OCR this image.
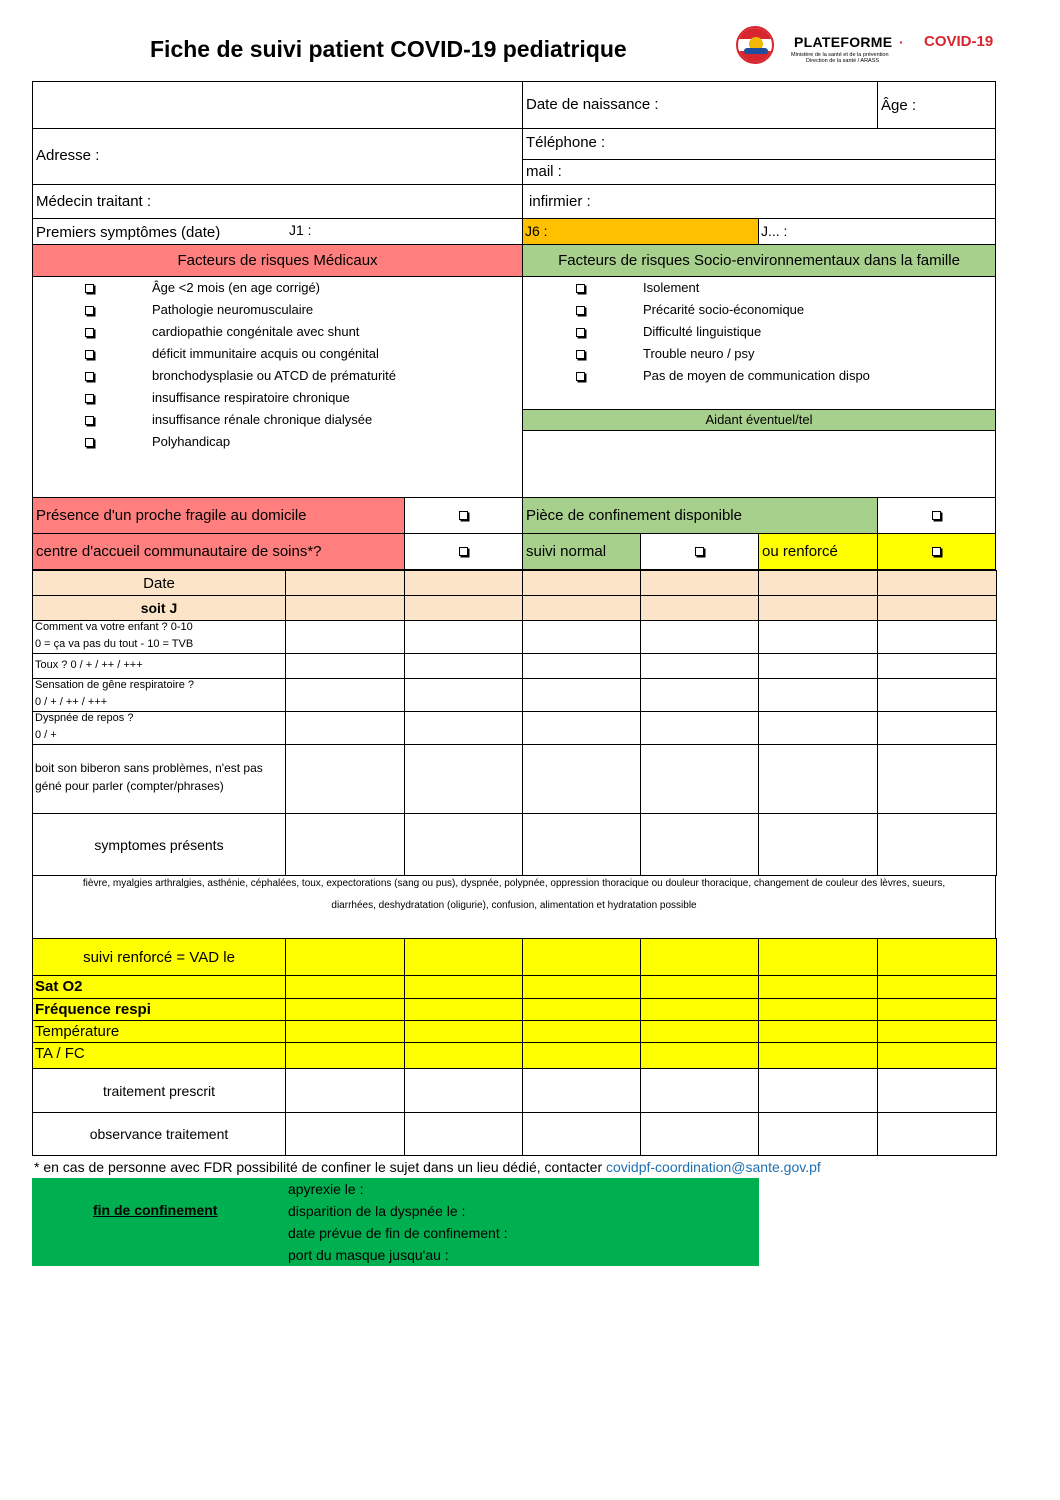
Fiche de suivi patient COVID-19 pediatrique	PLATEFORME · COVID-19
Ministère de la santé et de la prévention
Direction de la santé / ARASS
Date de naissance :	Âge :
Adresse :
Téléphone :
mail :
Médecin traitant :	infirmier :
Premiers symptômes (date)	J1 :	J6 :	J... :
Facteurs de risques Médicaux	Facteurs de risques Socio-environnementaux dans la famille
Âge <2 mois (en age corrigé)
Pathologie neuromusculaire
cardiopathie congénitale avec shunt
déficit immunitaire acquis ou congénital
bronchodysplasie ou ATCD de prématurité
insuffisance respiratoire chronique
insuffisance rénale chronique dialysée
Polyhandicap
Isolement
Précarité socio-économique
Difficulté linguistique
Trouble neuro / psy
Pas de moyen de communication dispo
Aidant éventuel/tel
Présence d'un proche fragile au domicile	Pièce de confinement disponible
centre d'accueil communautaire de soins*?	suivi normal	ou renforcé
Date
soit J
Comment va votre enfant ? 0-10
0 = ça va pas du tout - 10 = TVB
Toux ? 0 / + / ++ / +++
Sensation de gêne respiratoire ?
0 / + / ++ / +++
Dyspnée de repos ?
0 / +
boit son biberon sans problèmes, n'est pas
géné pour parler (compter/phrases)
symptomes présents
suivi renforcé = VAD le
Sat O2
Fréquence respi
Température
TA / FC
traitement prescrit
observance traitement
fièvre, myalgies arthralgies, asthénie, céphalées, toux, expectorations (sang ou pus), dyspnée, polypnée, oppression thoracique ou douleur thoracique, changement de couleur des lèvres, sueurs,
diarrhées, deshydratation (oligurie), confusion, alimentation et hydratation possible
* en cas de personne avec FDR possibilité de confiner le sujet dans un lieu dédié, contacter covidpf-coordination@sante.gov.pf
fin de confinement
apyrexie le :
disparition de la dyspnée le :
date prévue de fin de confinement :
port du masque jusqu'au :
